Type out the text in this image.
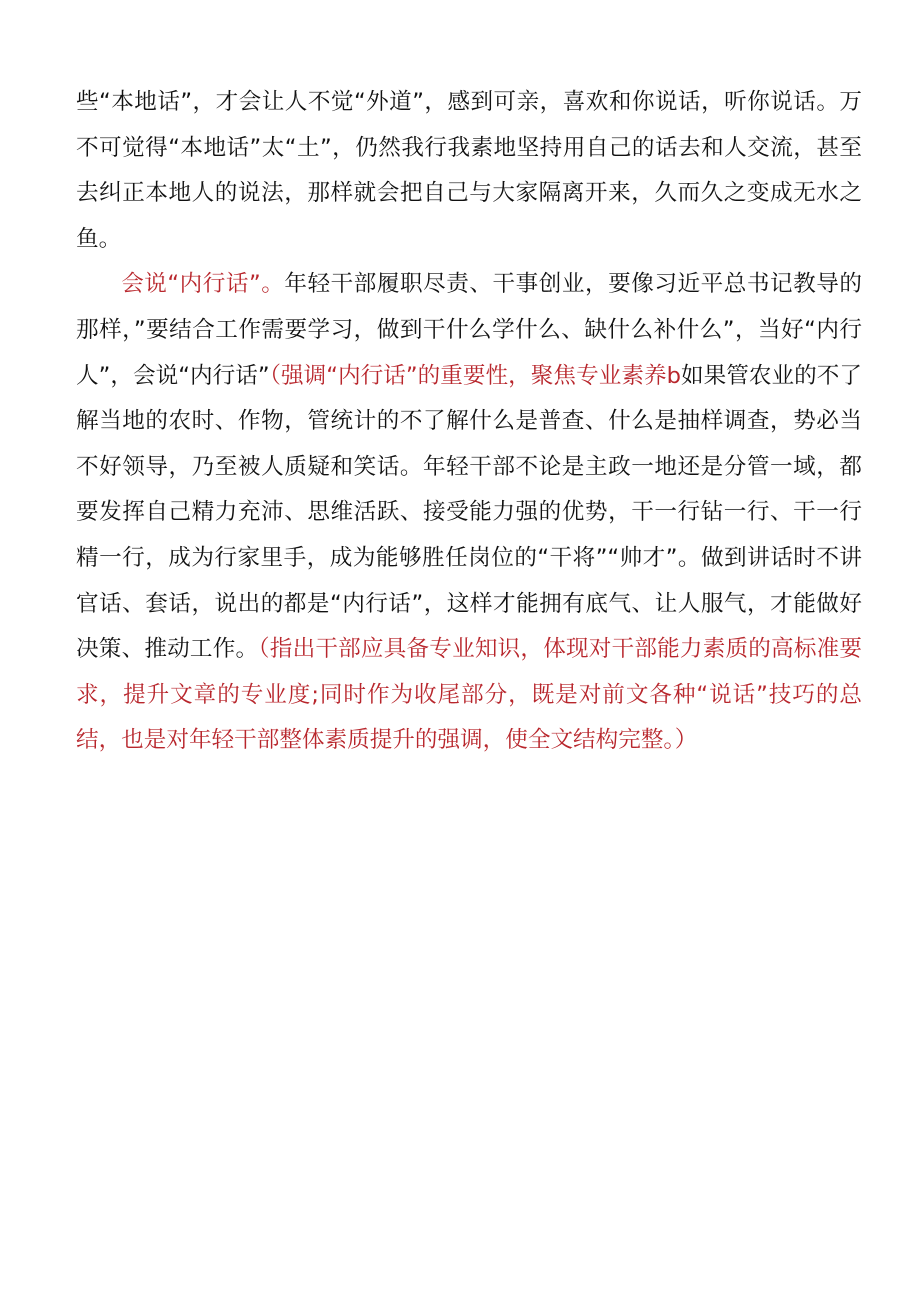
些“本地话”，才会让人不觉“外道”，感到可亲，喜欢和你说话，听你说话。万不可觉得“本地话”太“土”，仍然我行我素地坚持用自己的话去和人交流，甚至去纠正本地人的说法，那样就会把自己与大家隔离开来，久而久之变成无水之鱼。

会说“内行话”。年轻干部履职尽责、干事创业，要像习近平总书记教导的那样，”要结合工作需要学习，做到干什么学什么、缺什么补什么”，当好“内行人”，会说“内行话”（强调“内行话”的重要性，聚焦专业素养b如果管农业的不了解当地的农时、作物，管统计的不了解什么是普查、什么是抽样调查，势必当不好领导，乃至被人质疑和笑话。年轻干部不论是主政一地还是分管一域，都要发挥自己精力充沛、思维活跃、接受能力强的优势，干一行钻一行、干一行精一行，成为行家里手，成为能够胜任岗位的“干将”“帅才”。做到讲话时不讲官话、套话，说出的都是“内行话”，这样才能拥有底气、让人服气，才能做好决策、推动工作。（指出干部应具备专业知识，体现对干部能力素质的高标准要求，提升文章的专业度;同时作为收尾部分，既是对前文各种“说话”技巧的总结，也是对年轻干部整体素质提升的强调，使全文结构完整。）
